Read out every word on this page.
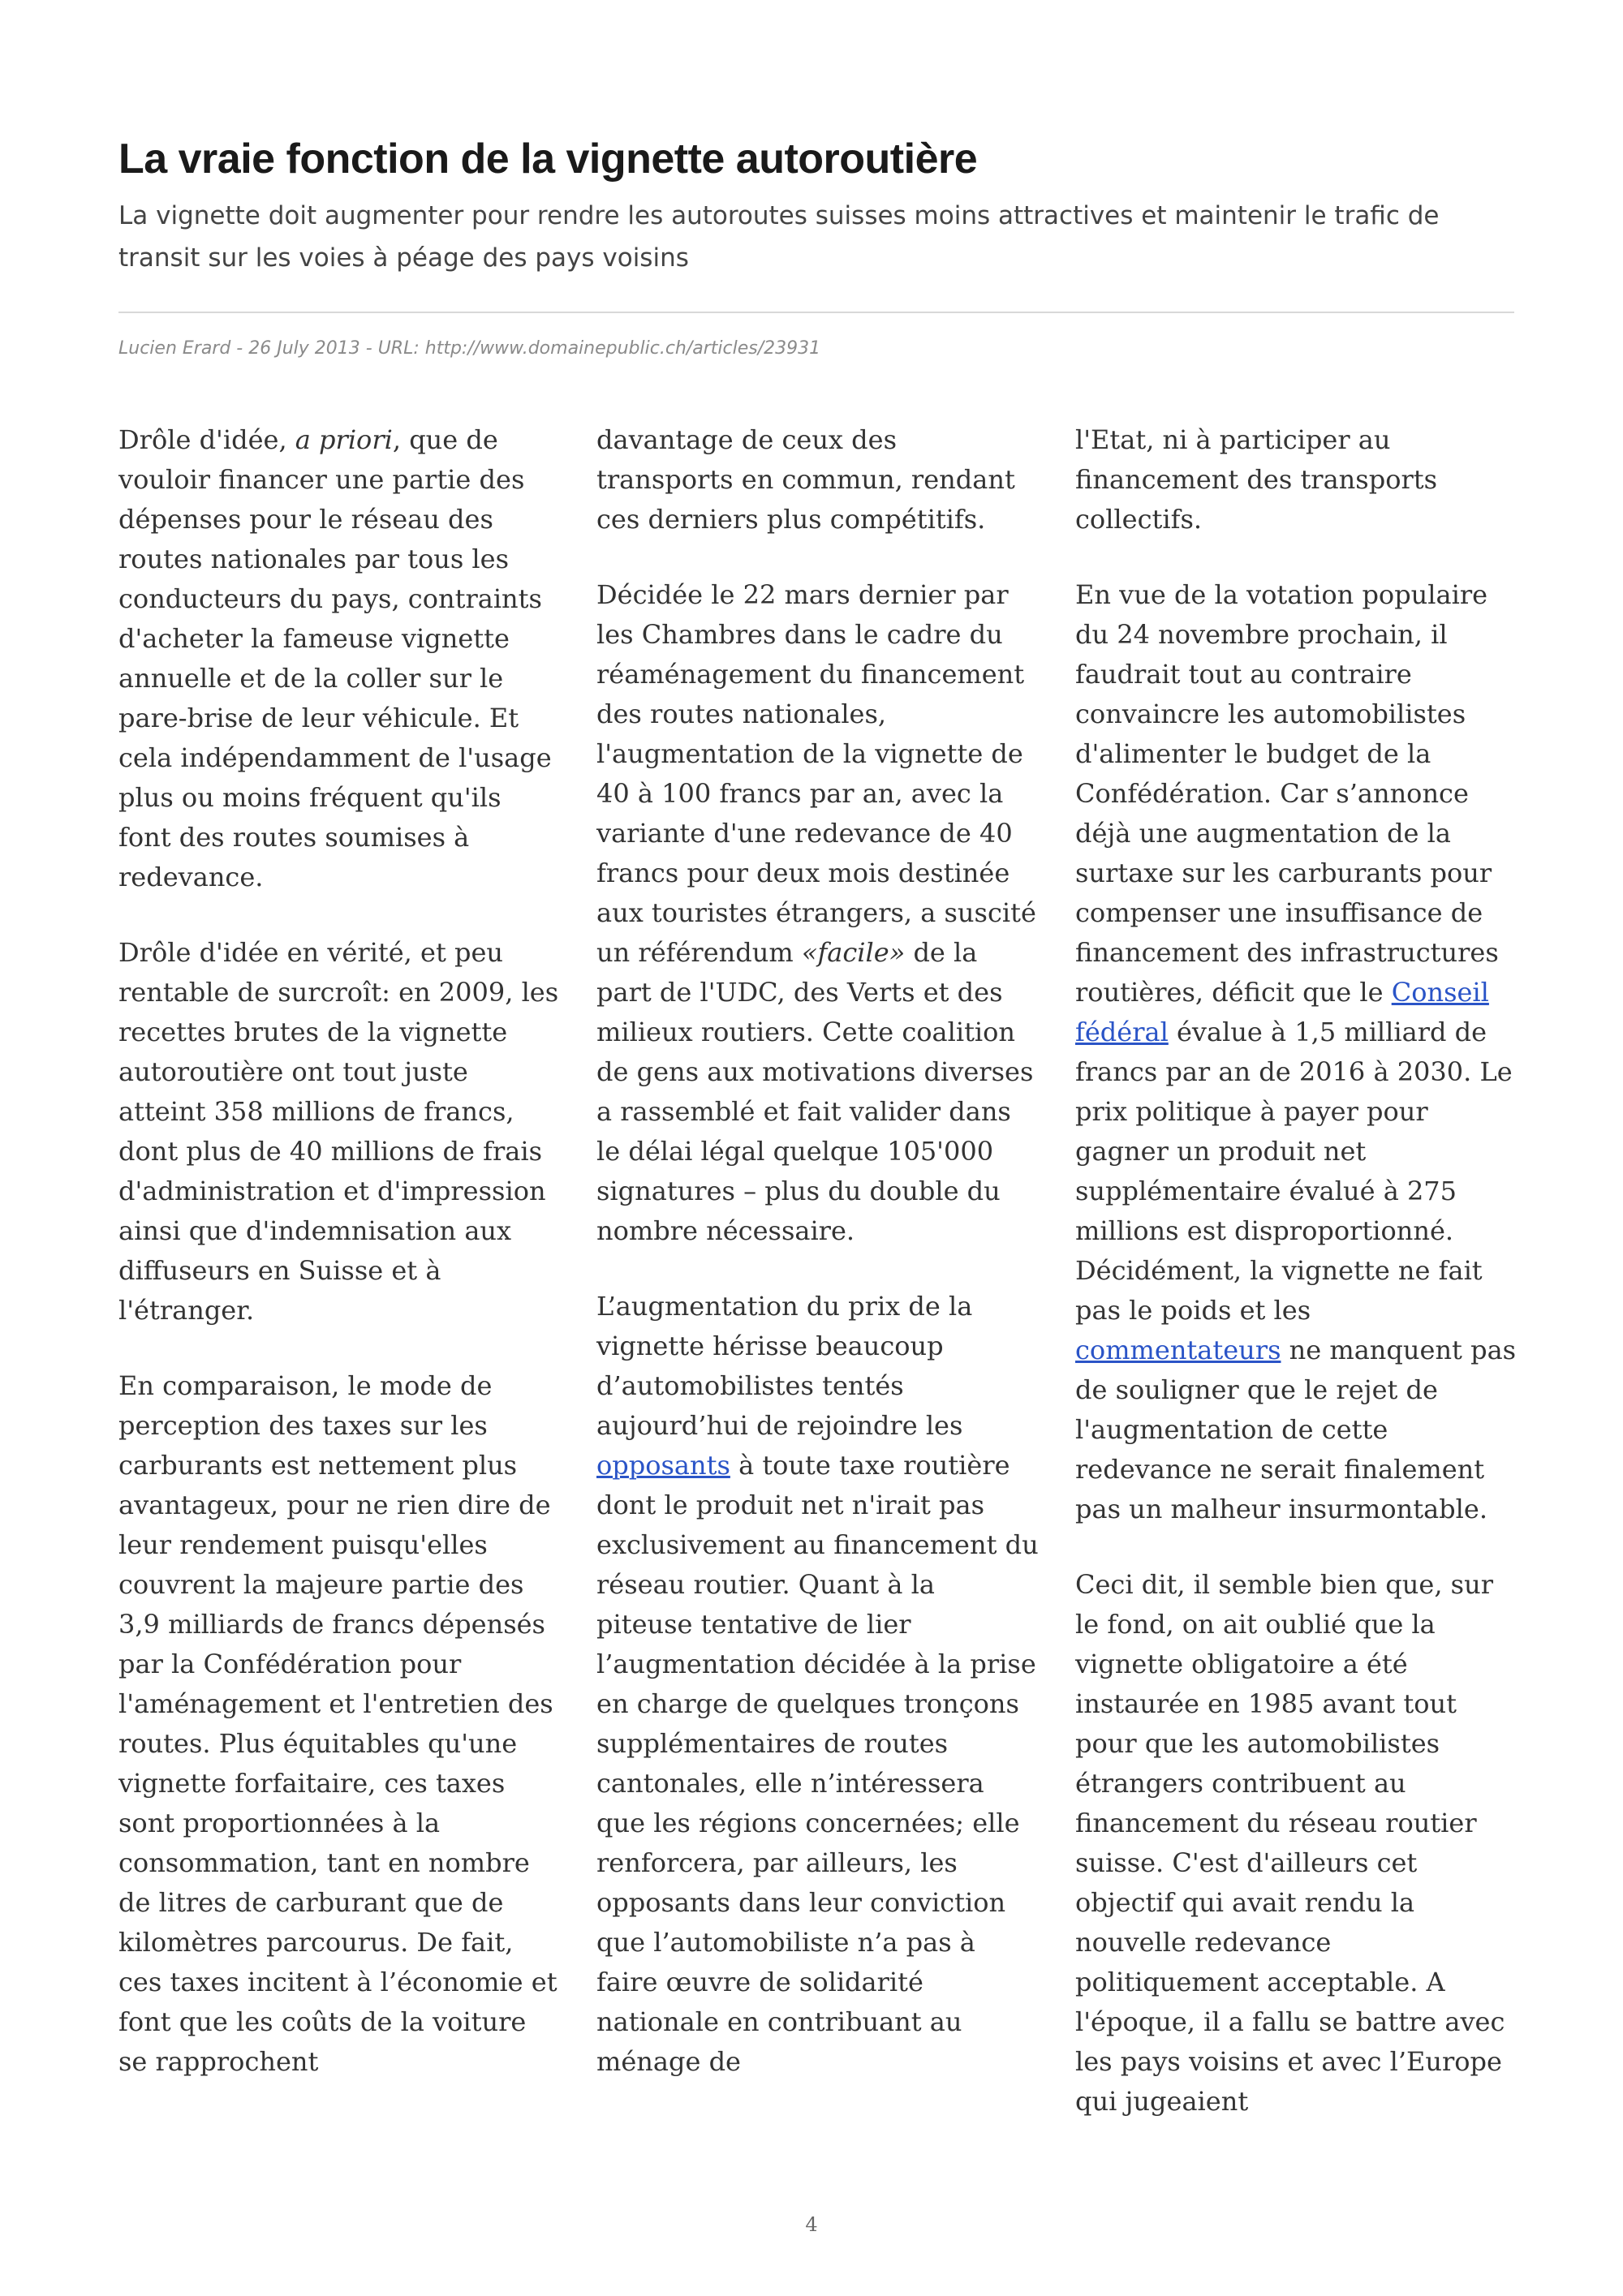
La vraie fonction de la vignette autoroutière

La vignette doit augmenter pour rendre les autoroutes suisses moins attractives et maintenir le trafic de transit sur les voies à péage des pays voisins

Lucien Erard - 26 July 2013 - URL: http://www.domainepublic.ch/articles/23931

Drôle d'idée, a priori, que de vouloir financer une partie des dépenses pour le réseau des routes nationales par tous les conducteurs du pays, contraints d'acheter la fameuse vignette annuelle et de la coller sur le pare-brise de leur véhicule. Et cela indépendamment de l'usage plus ou moins fréquent qu'ils font des routes soumises à redevance.

Drôle d'idée en vérité, et peu rentable de surcroît: en 2009, les recettes brutes de la vignette autoroutière ont tout juste atteint 358 millions de francs, dont plus de 40 millions de frais d'administration et d'impression ainsi que d'indemnisation aux diffuseurs en Suisse et à l'étranger.

En comparaison, le mode de perception des taxes sur les carburants est nettement plus avantageux, pour ne rien dire de leur rendement puisqu'elles couvrent la majeure partie des 3,9 milliards de francs dépensés par la Confédération pour l'aménagement et l'entretien des routes. Plus équitables qu'une vignette forfaitaire, ces taxes sont proportionnées à la consommation, tant en nombre de litres de carburant que de kilomètres parcourus. De fait, ces taxes incitent à l’économie et font que les coûts de la voiture se rapprochent

davantage de ceux des transports en commun, rendant ces derniers plus compétitifs.

Décidée le 22 mars dernier par les Chambres dans le cadre du réaménagement du financement des routes nationales, l'augmentation de la vignette de 40 à 100 francs par an, avec la variante d'une redevance de 40 francs pour deux mois destinée aux touristes étrangers, a suscité un référendum «facile» de la part de l'UDC, des Verts et des milieux routiers. Cette coalition de gens aux motivations diverses a rassemblé et fait valider dans le délai légal quelque 105'000 signatures – plus du double du nombre nécessaire.

L’augmentation du prix de la vignette hérisse beaucoup d’automobilistes tentés aujourd’hui de rejoindre les opposants à toute taxe routière dont le produit net n'irait pas exclusivement au financement du réseau routier. Quant à la piteuse tentative de lier l’augmentation décidée à la prise en charge de quelques tronçons supplémentaires de routes cantonales, elle n’intéressera que les régions concernées; elle renforcera, par ailleurs, les opposants dans leur conviction que l’automobiliste n’a pas à faire œuvre de solidarité nationale en contribuant au ménage de

l'Etat, ni à participer au financement des transports collectifs.

En vue de la votation populaire du 24 novembre prochain, il faudrait tout au contraire convaincre les automobilistes d'alimenter le budget de la Confédération. Car s’annonce déjà une augmentation de la surtaxe sur les carburants pour compenser une insuffisance de financement des infrastructures routières, déficit que le Conseil fédéral évalue à 1,5 milliard de francs par an de 2016 à 2030. Le prix politique à payer pour gagner un produit net supplémentaire évalué à 275 millions est disproportionné. Décidément, la vignette ne fait pas le poids et les commentateurs ne manquent pas de souligner que le rejet de l'augmentation de cette redevance ne serait finalement pas un malheur insurmontable.

Ceci dit, il semble bien que, sur le fond, on ait oublié que la vignette obligatoire a été instaurée en 1985 avant tout pour que les automobilistes étrangers contribuent au financement du réseau routier suisse. C'est d'ailleurs cet objectif qui avait rendu la nouvelle redevance politiquement acceptable. A l'époque, il a fallu se battre avec les pays voisins et avec l’Europe qui jugeaient

4
